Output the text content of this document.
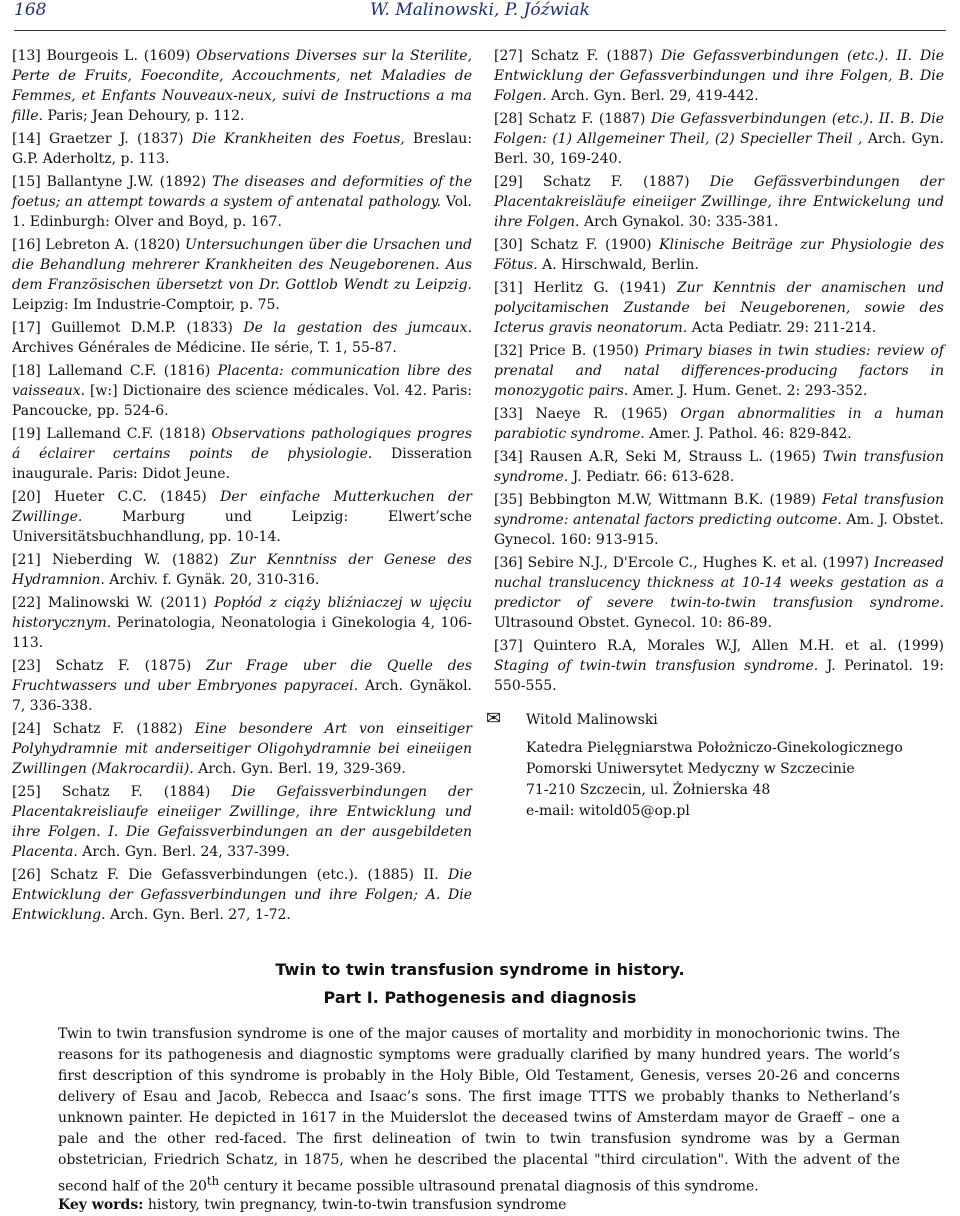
168	W. Malinowski, P. Jóźwiak

[13] Bourgeois L. (1609) Observations Diverses sur la Sterilite, Perte de Fruits, Foecondite, Accouchments, net Maladies de Femmes, et Enfants Nouveaux-neux, suivi de Instructions a ma fille. Paris; Jean Dehoury, p. 112.

[14] Graetzer J. (1837) Die Krankheiten des Foetus, Breslau: G.P. Aderholtz, p. 113.

[15] Ballantyne J.W. (1892) The diseases and deformities of the foetus; an attempt towards a system of antenatal pathology. Vol. 1. Edinburgh: Olver and Boyd, p. 167.

[16] Lebreton A. (1820) Untersuchungen über die Ursachen und die Behandlung mehrerer Krankheiten des Neugeborenen. Aus dem Französischen übersetzt von Dr. Gottlob Wendt zu Leipzig. Leipzig: Im Industrie-Comptoir, p. 75.

[17] Guillemot D.M.P. (1833) De la gestation des jumcaux. Archives Générales de Médicine. IIe série, T. 1, 55-87.

[18] Lallemand C.F. (1816) Placenta: communication libre des vaisseaux. [w:] Dictionaire des science médicales. Vol. 42. Paris: Pancoucke, pp. 524-6.

[19] Lallemand C.F. (1818) Observations pathologiques progres á éclairer certains points de physiologie. Disseration inaugurale. Paris: Didot Jeune.

[20] Hueter C.C. (1845) Der einfache Mutterkuchen der Zwillinge.	Marburg und Leipzig: Elwert’sche Universitätsbuchhandlung, pp. 10-14.

[21] Nieberding W. (1882) Zur Kenntniss der Genese des Hydramnion. Archiv. f. Gynäk. 20, 310-316.

[22] Malinowski W. (2011) Popłód z ciąży bliźniaczej w ujęciu historycznym. Perinatologia, Neonatologia i Ginekologia 4, 106-113.

[23] Schatz F. (1875) Zur Frage uber die Quelle des Fruchtwassers und uber Embryones papyracei. Arch. Gynäkol. 7, 336-338.

[24] Schatz F. (1882) Eine besondere Art von einseitiger Polyhydramnie mit anderseitiger Oligohydramnie bei eineiigen Zwillingen (Makrocardii). Arch. Gyn. Berl. 19, 329-369.

[25] Schatz F. (1884) Die Gefaissverbindungen der Placentakreisliaufe eineiiger Zwillinge, ihre Entwicklung und ihre Folgen. I. Die Gefaissverbindungen an der ausgebildeten Placenta. Arch. Gyn. Berl. 24, 337-399.

[26] Schatz F. Die Gefassverbindungen (etc.). (1885) II. Die Entwicklung der Gefassverbindungen und ihre Folgen; A. Die Entwicklung. Arch. Gyn. Berl. 27, 1-72.

[27] Schatz F. (1887) Die Gefassverbindungen (etc.). II. Die Entwicklung der Gefassverbindungen und ihre Folgen, B. Die Folgen. Arch. Gyn. Berl. 29, 419-442.

[28] Schatz F. (1887) Die Gefassverbindungen (etc.). II. B. Die Folgen: (1) Allgemeiner Theil, (2) Specieller Theil , Arch. Gyn. Berl. 30, 169-240.

[29] Schatz F. (1887) Die Gefässverbindungen der Placentakreisläufe eineiiger Zwillinge, ihre Entwickelung und ihre Folgen. Arch Gynakol. 30: 335-381.

[30] Schatz F. (1900) Klinische Beiträge zur Physiologie des Fötus. A. Hirschwald, Berlin.

[31] Herlitz G. (1941) Zur Kenntnis der anamischen und polycitamischen Zustande bei Neugeborenen, sowie des Icterus gravis neonatorum. Acta Pediatr. 29: 211-214.

[32] Price B. (1950) Primary biases in twin studies: review of prenatal and natal differences-producing factors in monozygotic pairs. Amer. J. Hum. Genet. 2: 293-352.

[33] Naeye R. (1965) Organ abnormalities in a human parabiotic syndrome. Amer. J. Pathol. 46: 829-842.

[34] Rausen A.R, Seki M, Strauss L. (1965) Twin transfusion syndrome. J. Pediatr. 66: 613-628.

[35] Bebbington M.W, Wittmann B.K. (1989) Fetal transfusion syndrome: antenatal factors predicting outcome. Am. J. Obstet. Gynecol. 160: 913-915.

[36] Sebire N.J., D'Ercole C., Hughes K. et al. (1997) Increased nuchal translucency thickness at 10-14 weeks gestation as a predictor of severe twin-to-twin transfusion syndrome. Ultrasound Obstet. Gynecol. 10: 86-89.

[37] Quintero R.A, Morales W.J, Allen M.H. et al. (1999) Staging of twin-twin transfusion syndrome. J. Perinatol. 19: 550-555.

✉ Witold Malinowski
Katedra Pielęgniarstwa Położniczo-Ginekologicznego
Pomorski Uniwersytet Medyczny w Szczecinie
71-210 Szczecin, ul. Żołnierska 48
e-mail: witold05@op.pl
Twin to twin transfusion syndrome in history.
Part I. Pathogenesis and diagnosis
Twin to twin transfusion syndrome is one of the major causes of mortality and morbidity in monochorionic twins. The reasons for its pathogenesis and diagnostic symptoms were gradually clarified by many hundred years. The world’s first description of this syndrome is probably in the Holy Bible, Old Testament, Genesis, verses 20-26 and concerns delivery of Esau and Jacob, Rebecca and Isaac’s sons. The first image TTTS we probably thanks to Netherland’s unknown painter. He depicted in 1617 in the Muiderslot the deceased twins of Amsterdam mayor de Graeff – one a pale and the other red-faced. The first delineation of twin to twin transfusion syndrome was by a German obstetrician, Friedrich Schatz, in 1875, when he described the placental "third circulation". With the advent of the second half of the 20th century it became possible ultrasound prenatal diagnosis of this syndrome.
Key words: history, twin pregnancy, twin-to-twin transfusion syndrome
